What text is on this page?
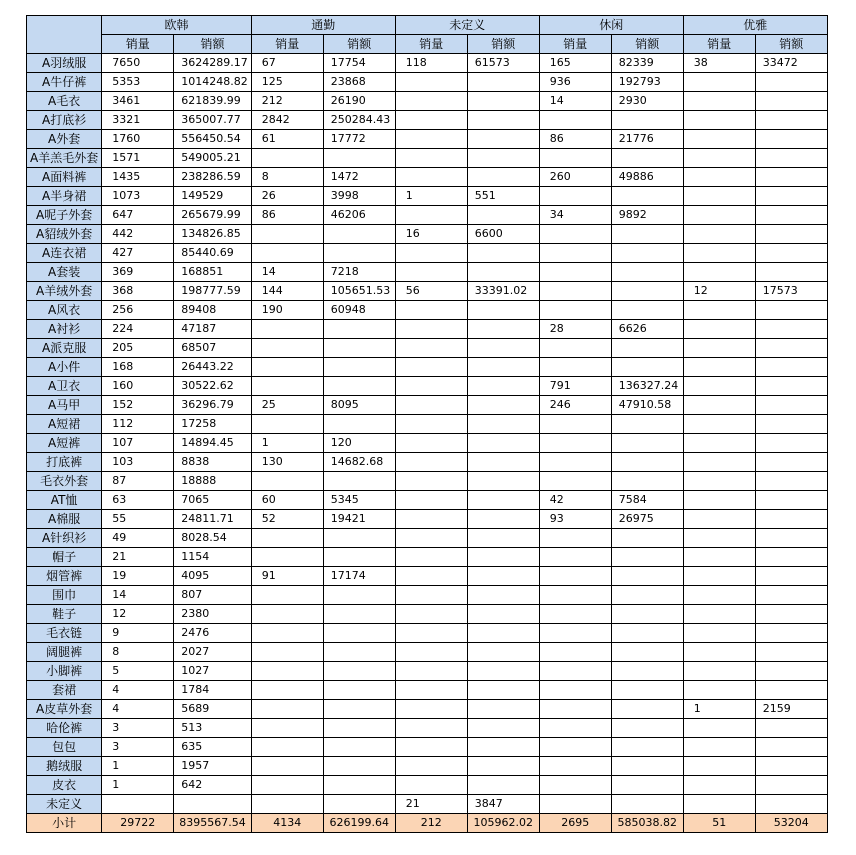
	欧韩		通勤		未定义		休闲		优雅	
	销量	销额	销量	销额	销量	销额	销量	销额	销量	销额
A羽绒服	7650	3624289.17	67	17754	118	61573	165	82339	38	33472
A牛仔裤	5353	1014248.82	125	23868			936	192793		
A毛衣	3461	621839.99	212	26190			14	2930		
A打底衫	3321	365007.77	2842	250284.43						
A外套	1760	556450.54	61	17772			86	21776		
A羊羔毛外套	1571	549005.21								
A面料裤	1435	238286.59	8	1472			260	49886		
A半身裙	1073	149529	26	3998	1	551				
A呢子外套	647	265679.99	86	46206			34	9892		
A貂绒外套	442	134826.85			16	6600				
A连衣裙	427	85440.69								
A套装	369	168851	14	7218						
A羊绒外套	368	198777.59	144	105651.53	56	33391.02			12	17573
A风衣	256	89408	190	60948						
A衬衫	224	47187					28	6626		
A派克服	205	68507								
A小件	168	26443.22								
A卫衣	160	30522.62					791	136327.24		
A马甲	152	36296.79	25	8095			246	47910.58		
A短裙	112	17258								
A短裤	107	14894.45	1	120						
打底裤	103	8838	130	14682.68						
毛衣外套	87	18888								
AT恤	63	7065	60	5345			42	7584		
A棉服	55	24811.71	52	19421			93	26975		
A针织衫	49	8028.54								
帽子	21	1154								
烟管裤	19	4095	91	17174						
围巾	14	807								
鞋子	12	2380								
毛衣链	9	2476								
阔腿裤	8	2027								
小脚裤	5	1027								
套裙	4	1784								
A皮草外套	4	5689							1	2159
哈伦裤	3	513								
包包	3	635								
鹅绒服	1	1957								
皮衣	1	642								
未定义					21	3847				
小计	29722	8395567.54	4134	626199.64	212	105962.02	2695	585038.82	51	53204
